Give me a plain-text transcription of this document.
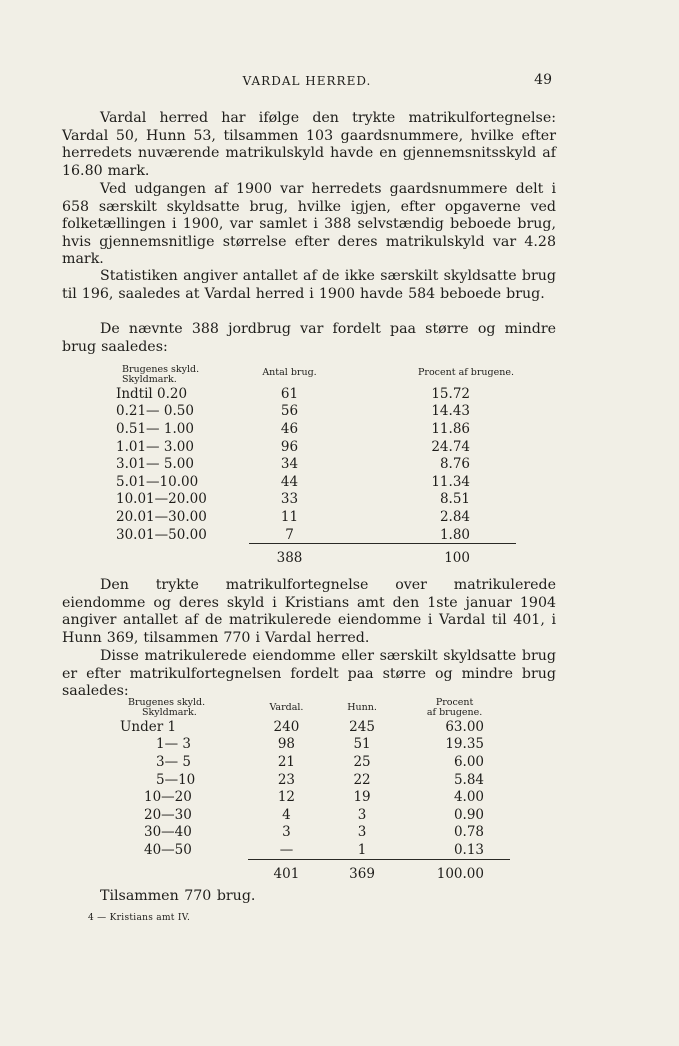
VARDAL HERRED.	49

Vardal herred har ifølge den trykte matrikulfortegnelse: Vardal 50, Hunn 53, tilsammen 103 gaardsnummere, hvilke efter herredets nuværende matrikulskyld havde en gjennemsnitsskyld af 16.80 mark.

Ved udgangen af 1900 var herredets gaardsnummere delt i 658 særskilt skyldsatte brug, hvilke igjen, efter opgaverne ved folketællingen i 1900, var samlet i 388 selvstændig beboede brug, hvis gjennemsnitlige størrelse efter deres matrikulskyld var 4.28 mark.

Statistiken angiver antallet af de ikke særskilt skyldsatte brug til 196, saaledes at Vardal herred i 1900 havde 584 beboede brug.

De nævnte 388 jordbrug var fordelt paa større og mindre brug saaledes:

Brugenes skyld.
Skyldmark.	Antal brug.	Procent af brugene.
Indtil 0.20	61	15.72
0.21— 0.50	56	14.43
0.51— 1.00	46	11.86
1.01— 3.00	96	24.74
3.01— 5.00	34	8.76
5.01—10.00	44	11.34
10.01—20.00	33	8.51
20.01—30.00	11	2.84
30.01—50.00	7	1.80
	388	100

Den trykte matrikulfortegnelse over matrikulerede eiendomme og deres skyld i Kristians amt den 1ste januar 1904 angiver antallet af de matrikulerede eiendomme i Vardal til 401, i Hunn 369, tilsammen 770 i Vardal herred.

Disse matrikulerede eiendomme eller særskilt skyldsatte brug er efter matrikulfortegnelsen fordelt paa større og mindre brug saaledes:

Brugenes skyld.
Skyldmark.	Vardal.	Hunn.	Procent
af brugene.
Under 1	240	245	63.00
1— 3	98	51	19.35
3— 5	21	25	6.00
5—10	23	22	5.84
10—20	12	19	4.00
20—30	4	3	0.90
30—40	3	3	0.78
40—50	—	1	0.13
	401	369	100.00
Tilsammen 770 brug.
4 — Kristians amt IV.
